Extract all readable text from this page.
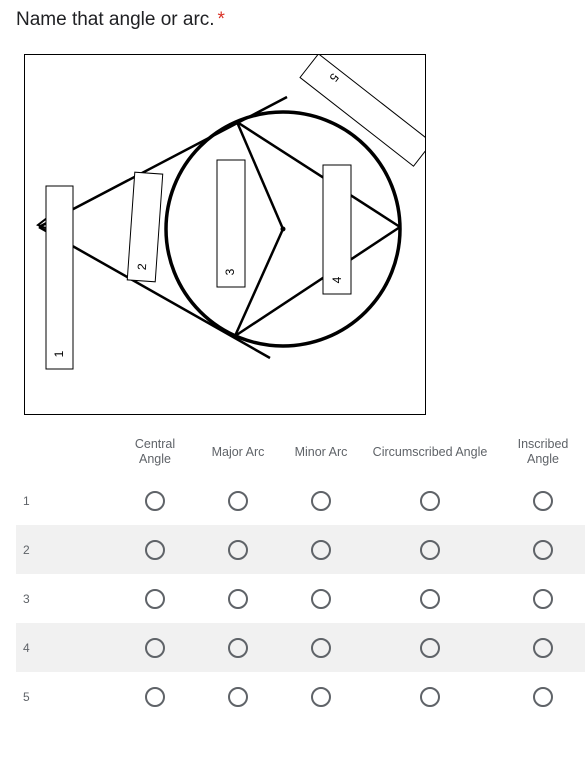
Name that angle or arc. *
1
2
3
4
5
Central Angle
Major Arc	Minor Arc	Circumscribed Angle
Inscribed Angle
1
2
3
4
5
